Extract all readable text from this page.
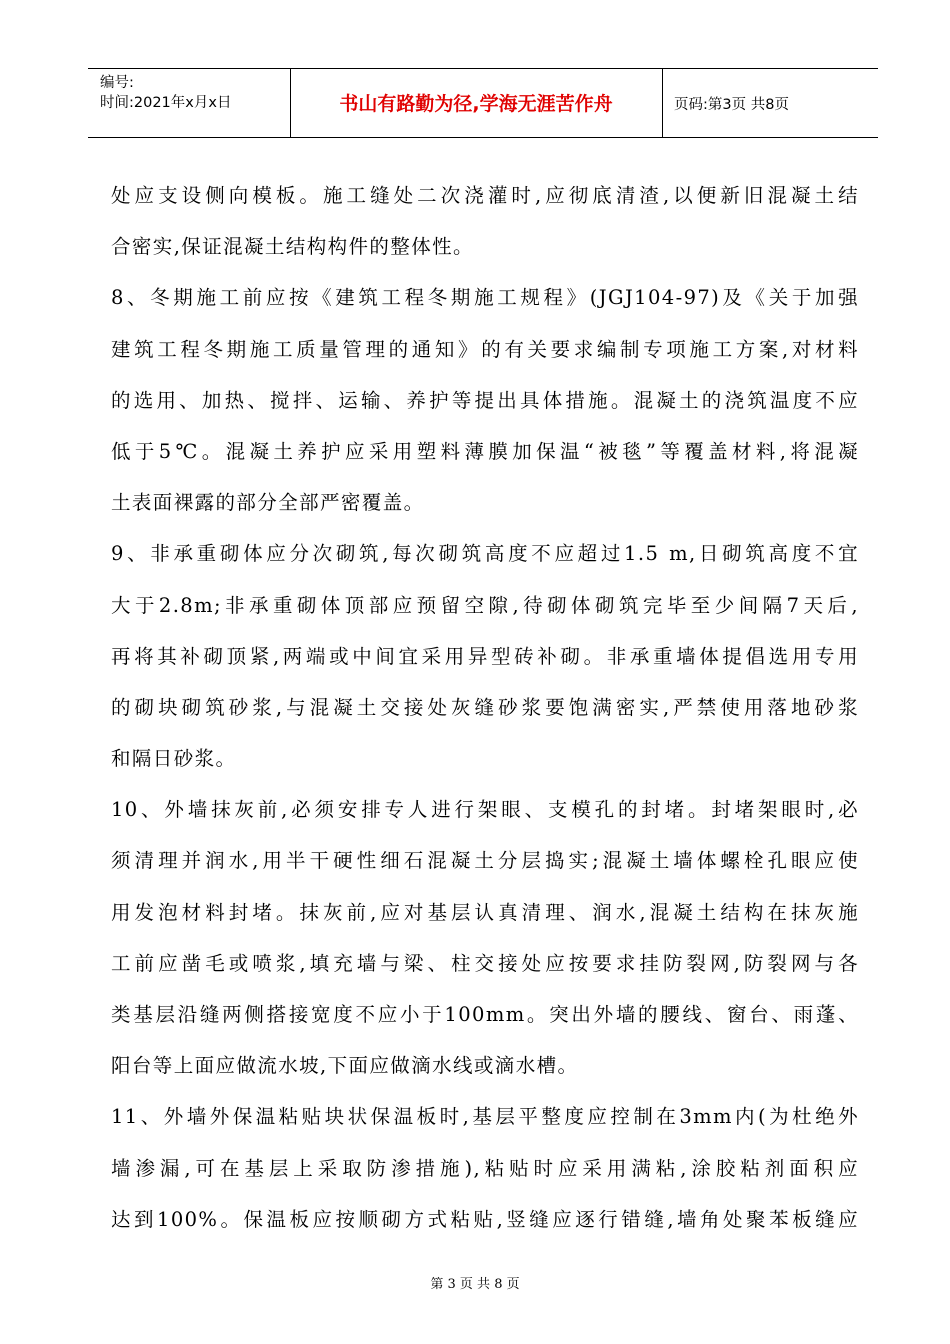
编号:
时间:2021年x月x日	书山有路勤为径,学海无涯苦作舟	页码:第3页 共8页
处应支设侧向模板。施工缝处二次浇灌时,应彻底清渣,以便新旧混凝土结
合密实,保证混凝土结构构件的整体性。
8、冬期施工前应按《建筑工程冬期施工规程》(JGJ104-97)及《关于加强
建筑工程冬期施工质量管理的通知》的有关要求编制专项施工方案,对材料
的选用、加热、搅拌、运输、养护等提出具体措施。混凝土的浇筑温度不应
低于5℃。混凝土养护应采用塑料薄膜加保温“被毯”等覆盖材料,将混凝
土表面裸露的部分全部严密覆盖。
9、非承重砌体应分次砌筑,每次砌筑高度不应超过1.5 m,日砌筑高度不宜
大于2.8m;非承重砌体顶部应预留空隙,待砌体砌筑完毕至少间隔7天后,
再将其补砌顶紧,两端或中间宜采用异型砖补砌。非承重墙体提倡选用专用
的砌块砌筑砂浆,与混凝土交接处灰缝砂浆要饱满密实,严禁使用落地砂浆
和隔日砂浆。
10、外墙抹灰前,必须安排专人进行架眼、支模孔的封堵。封堵架眼时,必
须清理并润水,用半干硬性细石混凝土分层捣实;混凝土墙体螺栓孔眼应使
用发泡材料封堵。抹灰前,应对基层认真清理、润水,混凝土结构在抹灰施
工前应凿毛或喷浆,填充墙与梁、柱交接处应按要求挂防裂网,防裂网与各
类基层沿缝两侧搭接宽度不应小于100mm。突出外墙的腰线、窗台、雨蓬、
阳台等上面应做流水坡,下面应做滴水线或滴水槽。
11、外墙外保温粘贴块状保温板时,基层平整度应控制在3mm内(为杜绝外
墙渗漏,可在基层上采取防渗措施),粘贴时应采用满粘,涂胶粘剂面积应
达到100%。保温板应按顺砌方式粘贴,竖缝应逐行错缝,墙角处聚苯板缝应
第 3 页 共 8 页
